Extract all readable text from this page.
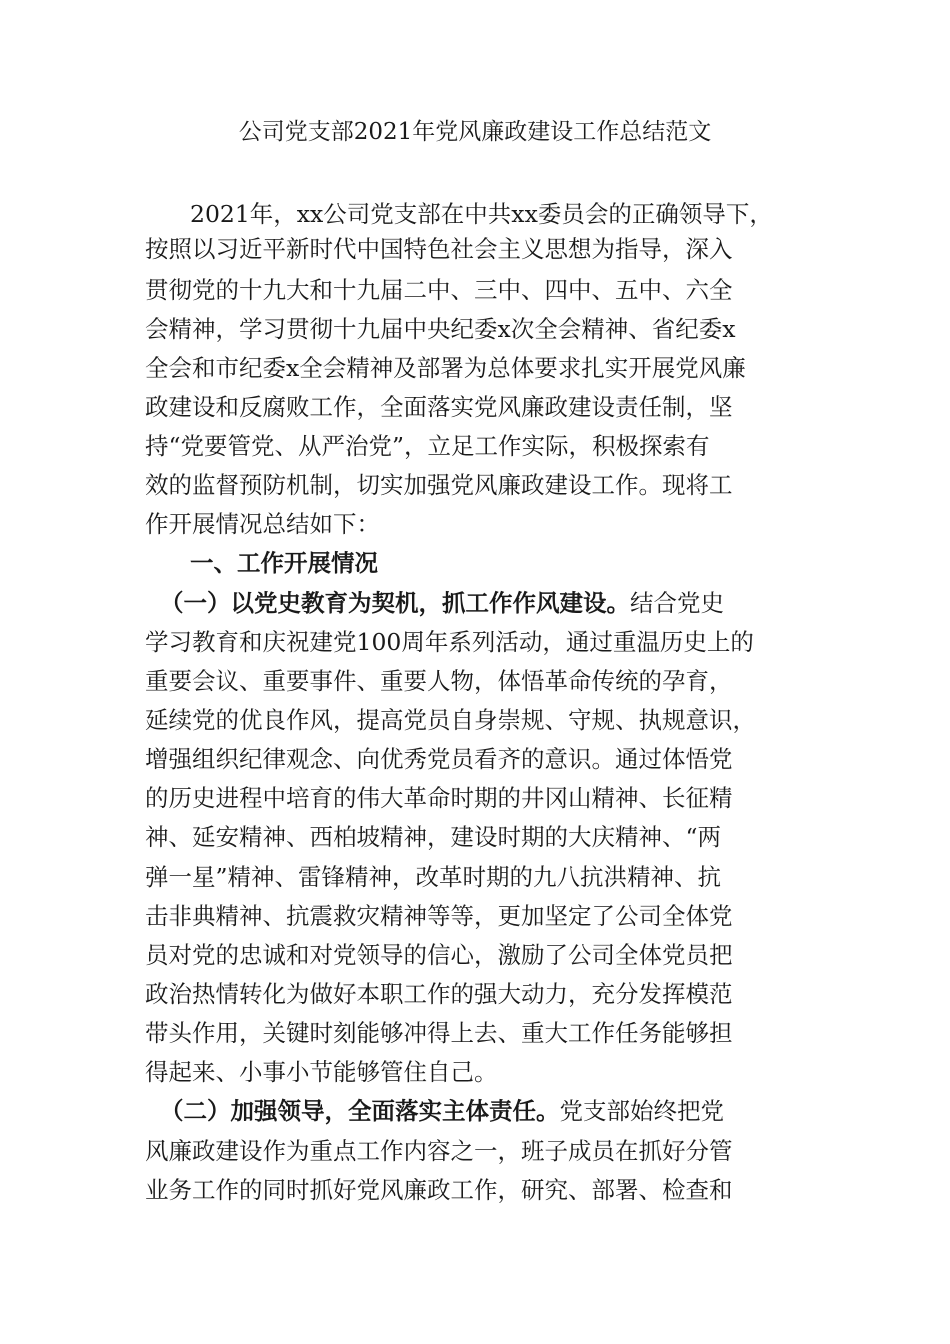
公司党支部2021年党风廉政建设工作总结范文
2021年，xx公司党支部在中共xx委员会的正确领导下，
按照以习近平新时代中国特色社会主义思想为指导，深入
贯彻党的十九大和十九届二中、三中、四中、五中、六全
会精神，学习贯彻十九届中央纪委x次全会精神、省纪委x
全会和市纪委x全会精神及部署为总体要求扎实开展党风廉
政建设和反腐败工作，全面落实党风廉政建设责任制，坚
持“党要管党、从严治党”，立足工作实际，积极探索有
效的监督预防机制，切实加强党风廉政建设工作。现将工
作开展情况总结如下：
一、工作开展情况
（一）以党史教育为契机，抓工作作风建设。结合党史
学习教育和庆祝建党100周年系列活动，通过重温历史上的
重要会议、重要事件、重要人物，体悟革命传统的孕育，
延续党的优良作风，提高党员自身崇规、守规、执规意识，
增强组织纪律观念、向优秀党员看齐的意识。通过体悟党
的历史进程中培育的伟大革命时期的井冈山精神、长征精
神、延安精神、西柏坡精神，建设时期的大庆精神、“两
弹一星”精神、雷锋精神，改革时期的九八抗洪精神、抗
击非典精神、抗震救灾精神等等，更加坚定了公司全体党
员对党的忠诚和对党领导的信心，激励了公司全体党员把
政治热情转化为做好本职工作的强大动力，充分发挥模范
带头作用，关键时刻能够冲得上去、重大工作任务能够担
得起来、小事小节能够管住自己。
（二）加强领导，全面落实主体责任。党支部始终把党
风廉政建设作为重点工作内容之一，班子成员在抓好分管
业务工作的同时抓好党风廉政工作，研究、部署、检查和
